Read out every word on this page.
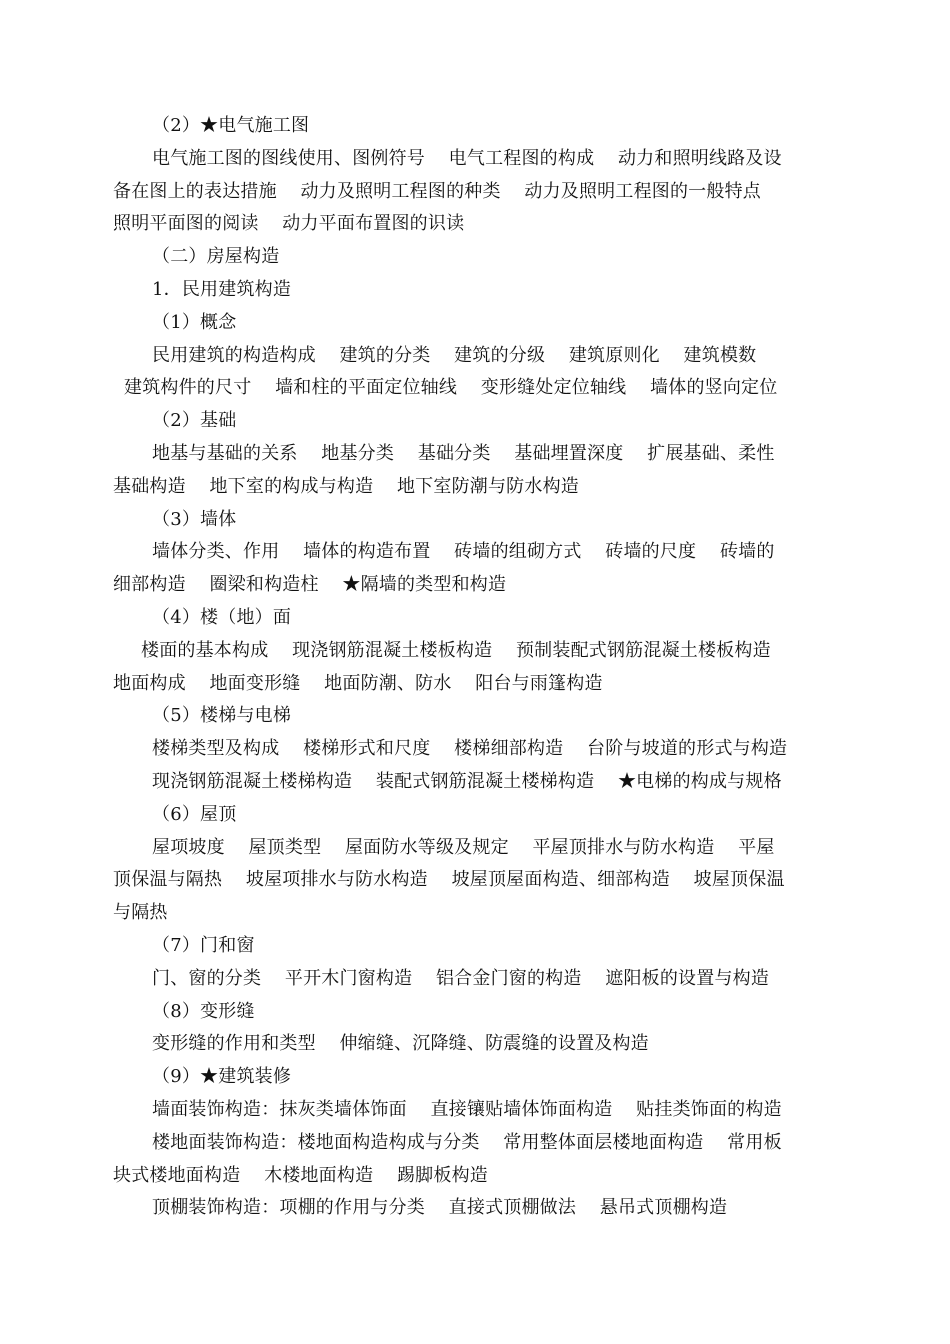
（2）★电气施工图
电气施工图的图线使用、图例符号    电气工程图的构成    动力和照明线路及设
备在图上的表达措施    动力及照明工程图的种类    动力及照明工程图的一般特点
照明平面图的阅读    动力平面布置图的识读
（二）房屋构造
1．民用建筑构造
（1）概念
民用建筑的构造构成    建筑的分类    建筑的分级    建筑原则化    建筑模数
建筑构件的尺寸    墙和柱的平面定位轴线    变形缝处定位轴线    墙体的竖向定位
（2）基础
地基与基础的关系    地基分类    基础分类    基础埋置深度    扩展基础、柔性
基础构造    地下室的构成与构造    地下室防潮与防水构造
（3）墙体
墙体分类、作用    墙体的构造布置    砖墙的组砌方式    砖墙的尺度    砖墙的
细部构造    圈梁和构造柱    ★隔墙的类型和构造
（4）楼（地）面
楼面的基本构成    现浇钢筋混凝土楼板构造    预制装配式钢筋混凝土楼板构造
地面构成    地面变形缝    地面防潮、防水    阳台与雨篷构造
（5）楼梯与电梯
楼梯类型及构成    楼梯形式和尺度    楼梯细部构造    台阶与坡道的形式与构造
现浇钢筋混凝土楼梯构造    装配式钢筋混凝土楼梯构造    ★电梯的构成与规格
（6）屋顶
屋项坡度    屋顶类型    屋面防水等级及规定    平屋顶排水与防水构造    平屋
顶保温与隔热    坡屋项排水与防水构造    坡屋顶屋面构造、细部构造    坡屋顶保温
与隔热
（7）门和窗
门、窗的分类    平开木门窗构造    铝合金门窗的构造    遮阳板的设置与构造
（8）变形缝
变形缝的作用和类型    伸缩缝、沉降缝、防震缝的设置及构造
（9）★建筑装修
墙面装饰构造：抹灰类墙体饰面    直接镶贴墙体饰面构造    贴挂类饰面的构造
楼地面装饰构造：楼地面构造构成与分类    常用整体面层楼地面构造    常用板
块式楼地面构造    木楼地面构造    踢脚板构造
顶棚装饰构造：项棚的作用与分类    直接式顶棚做法    悬吊式顶棚构造
